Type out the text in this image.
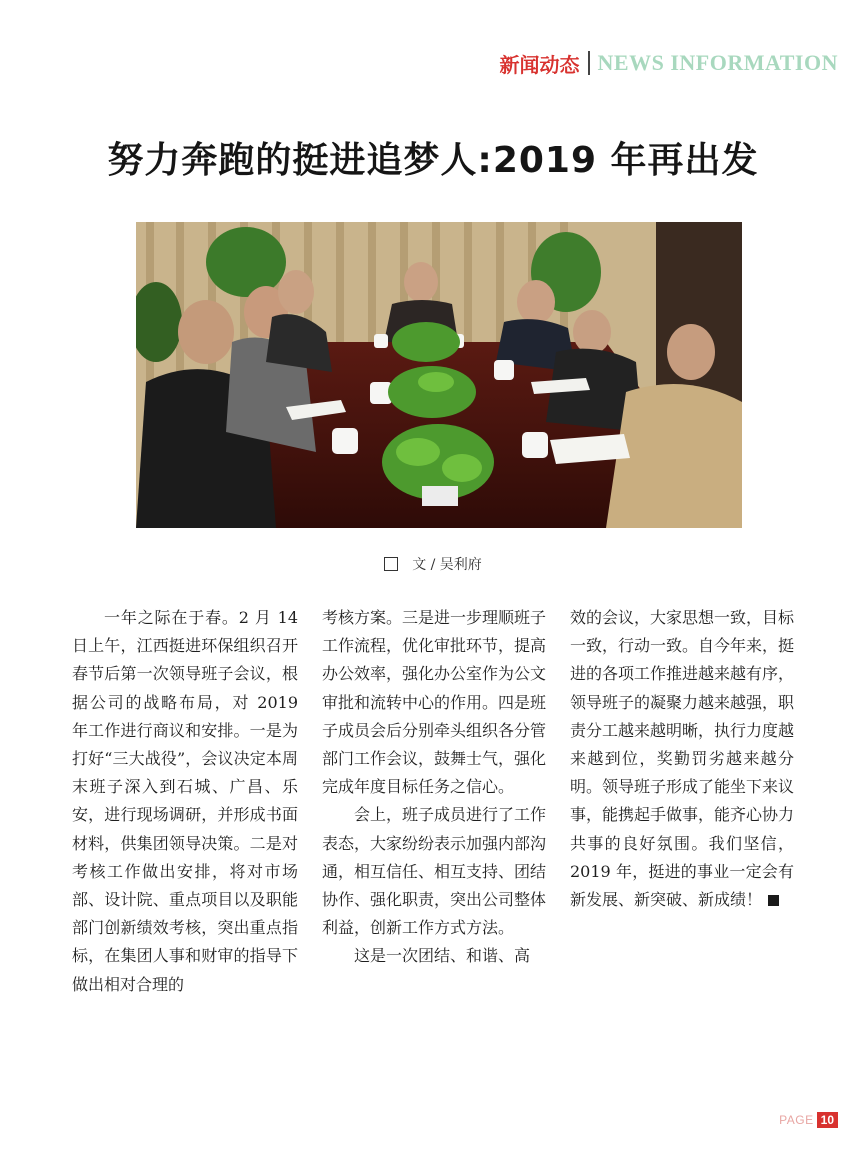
新闻动态 NEWS INFORMATION
努力奔跑的挺进追梦人:2019 年再出发
文 / 吴利府

一年之际在于春。2 月 14 日上午，江西挺进环保组织召开春节后第一次领导班子会议，根据公司的战略布局，对 2019 年工作进行商议和安排。一是为打好“三大战役”，会议决定本周末班子深入到石城、广昌、乐安，进行现场调研，并形成书面材料，供集团领导决策。二是对考核工作做出安排，将对市场部、设计院、重点项目以及职能部门创新绩效考核，突出重点指标，在集团人事和财审的指导下做出相对合理的

考核方案。三是进一步理顺班子工作流程，优化审批环节，提高办公效率，强化办公室作为公文审批和流转中心的作用。四是班子成员会后分别牵头组织各分管部门工作会议，鼓舞士气，强化完成年度目标任务之信心。

会上，班子成员进行了工作表态，大家纷纷表示加强内部沟通，相互信任、相互支持、团结协作、强化职责，突出公司整体利益，创新工作方式方法。

这是一次团结、和谐、高

效的会议，大家思想一致，目标一致，行动一致。自今年来，挺进的各项工作推进越来越有序，领导班子的凝聚力越来越强，职责分工越来越明晰，执行力度越来越到位，奖勤罚劣越来越分明。领导班子形成了能坐下来议事，能携起手做事，能齐心协力共事的良好氛围。我们坚信，2019 年，挺进的事业一定会有新发展、新突破、新成绩！

PAGE 10
